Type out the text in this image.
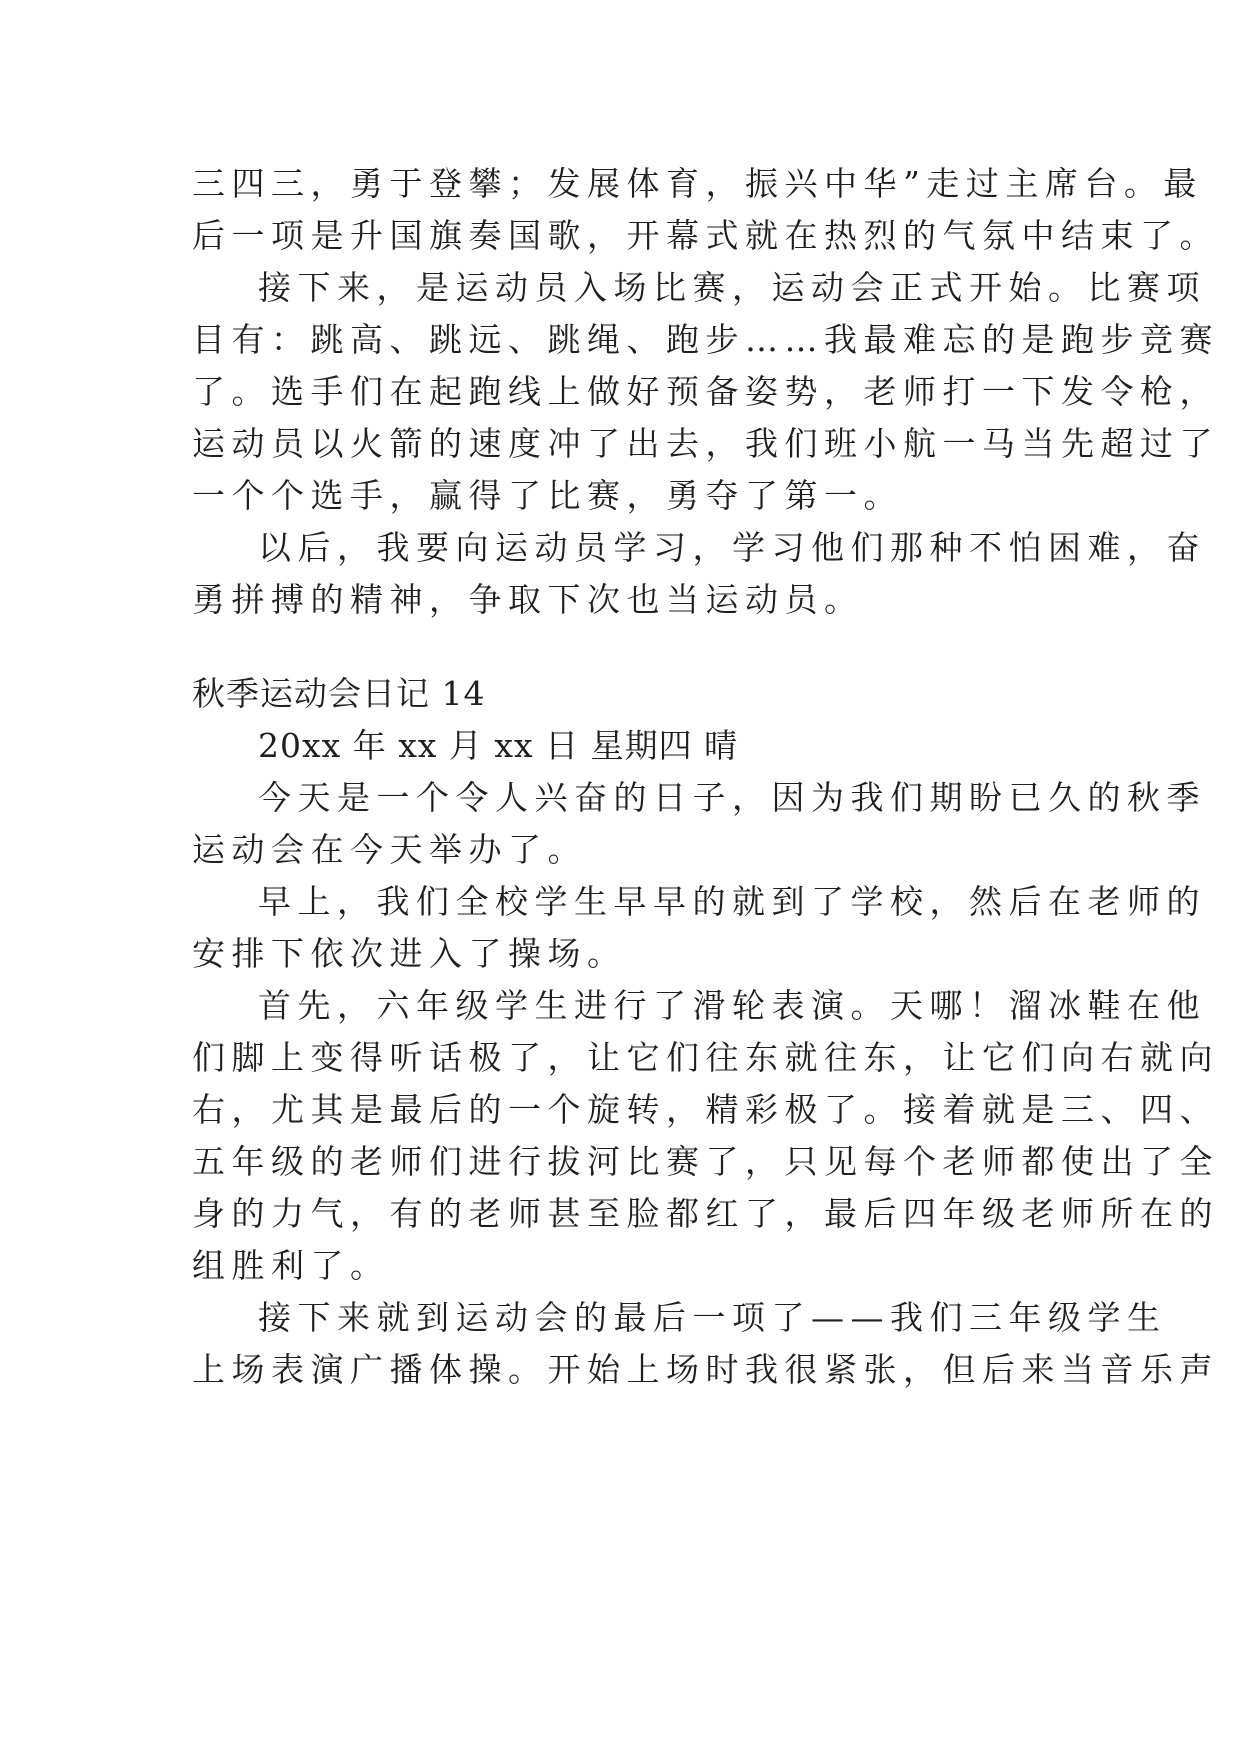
三四三，勇于登攀；发展体育，振兴中华”走过主席台。最
后一项是升国旗奏国歌，开幕式就在热烈的气氛中结束了。
接下来，是运动员入场比赛，运动会正式开始。比赛项
目有：跳高、跳远、跳绳、跑步……我最难忘的是跑步竞赛
了。选手们在起跑线上做好预备姿势，老师打一下发令枪，
运动员以火箭的速度冲了出去，我们班小航一马当先超过了
一个个选手，赢得了比赛，勇夺了第一。
以后，我要向运动员学习，学习他们那种不怕困难，奋
勇拼搏的精神，争取下次也当运动员。
秋季运动会日记 14
20xx 年 xx 月 xx 日 星期四 晴
今天是一个令人兴奋的日子，因为我们期盼已久的秋季
运动会在今天举办了。
早上，我们全校学生早早的就到了学校，然后在老师的
安排下依次进入了操场。
首先，六年级学生进行了滑轮表演。天哪！溜冰鞋在他
们脚上变得听话极了，让它们往东就往东，让它们向右就向
右，尤其是最后的一个旋转，精彩极了。接着就是三、四、
五年级的老师们进行拔河比赛了，只见每个老师都使出了全
身的力气，有的老师甚至脸都红了，最后四年级老师所在的
组胜利了。
接下来就到运动会的最后一项了——我们三年级学生
上场表演广播体操。开始上场时我很紧张，但后来当音乐声
